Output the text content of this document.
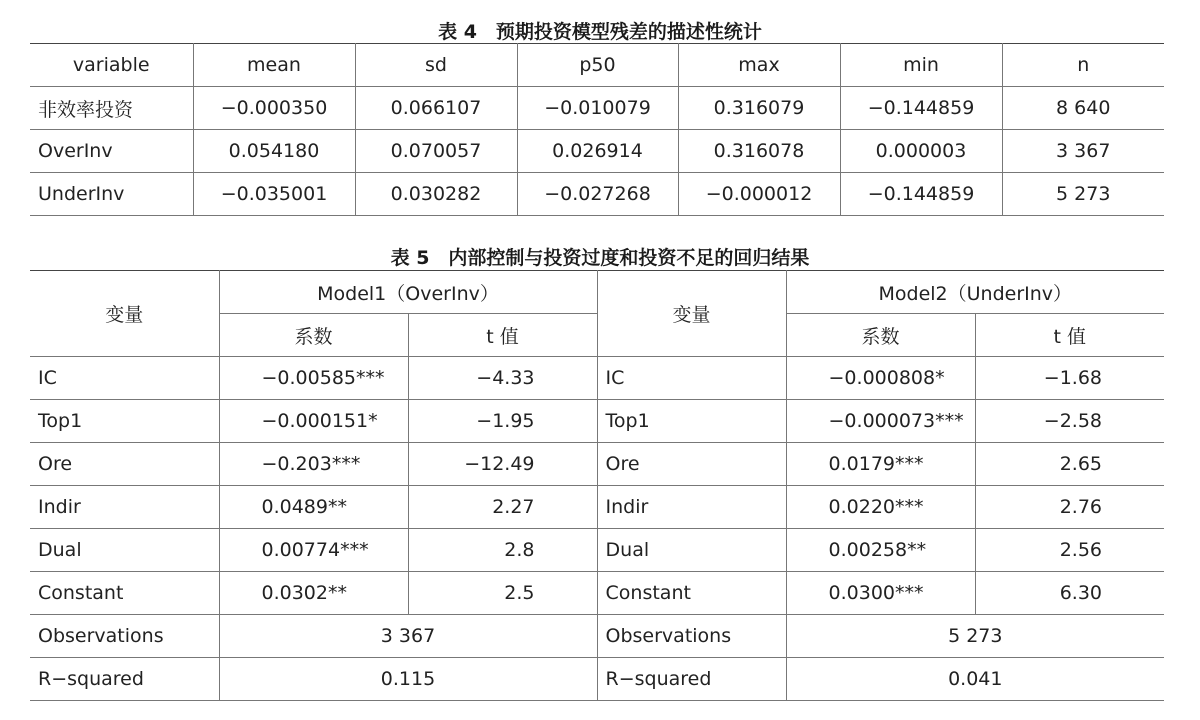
表 4　预期投资模型残差的描述性统计
variable	mean	sd	p50	max	min	n
非效率投资	−0.000350	0.066107	−0.010079	0.316079	−0.144859	8 640
OverInv	0.054180	0.070057	0.026914	0.316078	0.000003	3 367
UnderInv	−0.035001	0.030282	−0.027268	−0.000012	−0.144859	5 273
表 5　内部控制与投资过度和投资不足的回归结果
变量	Model1（OverInv）		变量	Model2（UnderInv）	
	系数	t 值		系数	t 值
IC	−0.00585***	−4.33	IC	−0.000808*	−1.68
Top1	−0.000151*	−1.95	Top1	−0.000073***	−2.58
Ore	−0.203***	−12.49	Ore	0.0179***	2.65
Indir	0.0489**	2.27	Indir	0.0220***	2.76
Dual	0.00774***	2.8	Dual	0.00258**	2.56
Constant	0.0302**	2.5	Constant	0.0300***	6.30
Observations	3 367		Observations	5 273	
R−squared	0.115		R−squared	0.041	
